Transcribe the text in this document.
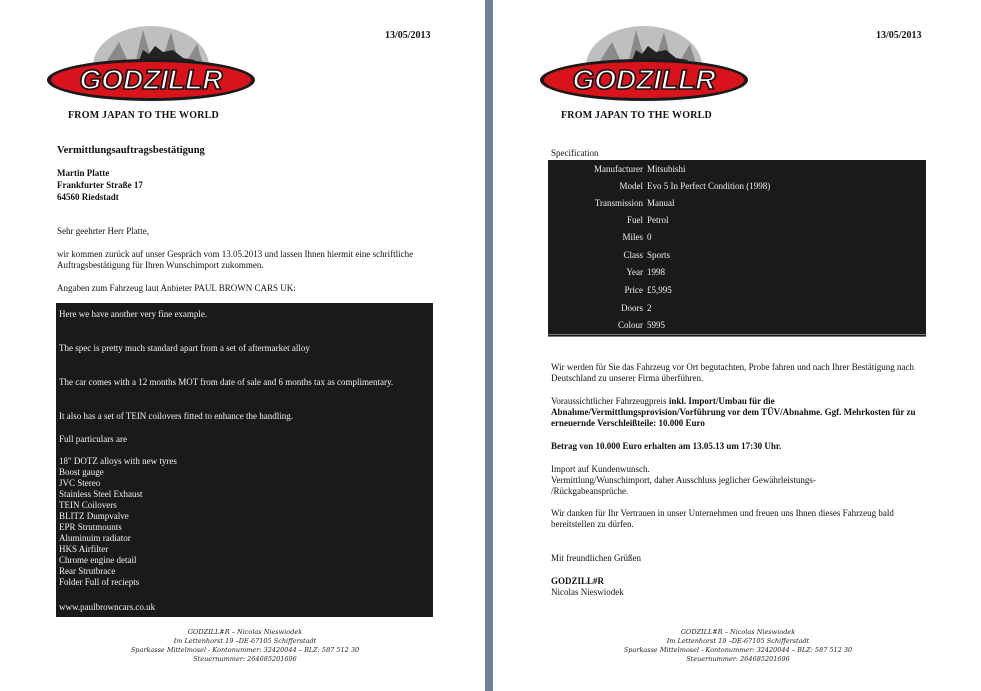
13/05/2013
GODZILLR
FROM JAPAN TO THE WORLD
Vermittlungsauftragsbestätigung
Martin Platte
Frankfurter Straße 17
64560 Riedstadt
Sehr geehrter Herr Platte,
wir kommen zurück auf unser Gespräch vom 13.05.2013 und lassen Ihnen hiermit eine schriftliche Auftragsbestätigung für Ihren Wunschimport zukommen.
Angaben zum Fahrzeug laut Anbieter PAUL BROWN CARS UK:
Here we have another very fine example.
The spec is pretty much standard apart from a set of aftermarket alloy
The car comes with a 12 months MOT from date of sale and 6 months tax as complimentary.
It also has a set of TEIN coilovers fitted to enhance the handling.
Full particulars are
18" DOTZ alloys with new tyres
Boost gauge
JVC Stereo
Stainless Steel Exhaust
TEIN Coilovers
BLITZ Dumpvalve
EPR Strutmounts
Aluminuim radiator
HKS Airfilter
Chrome engine detail
Rear Strutbrace
Folder Full of reciepts
www.paulbrowncars.co.uk
GODZILL#R – Nicolas Nieswiodek
Im Lettenhorst 19 –DE-67105 Schifferstadt
Sparkasse Mittelmosel - Kontonummer: 32420044 – BLZ: 587 512 30
Steuernummer: 264685201696
13/05/2013
GODZILLR
FROM JAPAN TO THE WORLD
Specification
Manufacturer Mitsubishi
Model Evo 5 In Perfect Condition (1998)
Transmission Manual
Fuel Petrol
Miles 0
Class Sports
Year 1998
Price £5,995
Doors 2
Colour 5995
Wir werden für Sie das Fahrzeug vor Ort begutachten, Probe fahren und nach Ihrer Bestätigung nach Deutschland zu unserer Firma überführen.
Voraussichtlicher Fahrzeugpreis inkl. Import/Umbau für die Abnahme/Vermittlungsprovision/Vorführung vor dem TÜV/Abnahme. Ggf. Mehrkosten für zu erneuernde Verschleißteile: 10.000 Euro
Betrag von 10.000 Euro erhalten am 13.05.13 um 17:30 Uhr.
Import auf Kundenwunsch.
Vermittlung/Wunschimport, daher Ausschluss jeglicher Gewährleistungs- /Rückgabeansprüche.
Wir danken für Ihr Vertrauen in unser Unternehmen und freuen uns Ihnen dieses Fahrzeug bald bereitstellen zu dürfen.
Mit freundlichen Grüßen
GODZILL#R
Nicolas Nieswiodek
GODZILL#R – Nicolas Nieswiodek
Im Lettenhorst 19 –DE-67105 Schifferstadt
Sparkasse Mittelmosel - Kontonummer: 32420044 – BLZ: 587 512 30
Steuernummer: 264685201696
